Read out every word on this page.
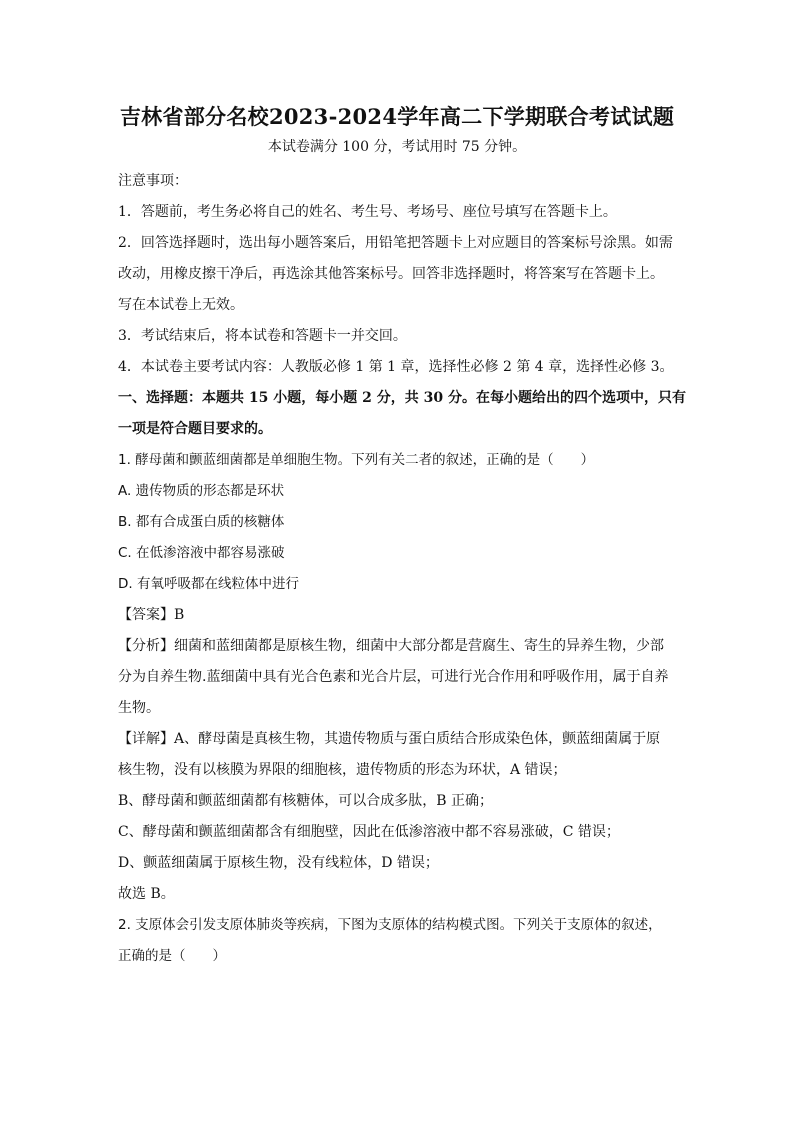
吉林省部分名校2023-2024学年高二下学期联合考试试题

本试卷满分 100 分，考试用时 75 分钟。

注意事项：

1．答题前，考生务必将自己的姓名、考生号、考场号、座位号填写在答题卡上。

2．回答选择题时，选出每小题答案后，用铅笔把答题卡上对应题目的答案标号涂黑。如需

改动，用橡皮擦干净后，再选涂其他答案标号。回答非选择题时，将答案写在答题卡上。

写在本试卷上无效。

3．考试结束后，将本试卷和答题卡一并交回。

4．本试卷主要考试内容：人教版必修 1 第 1 章，选择性必修 2 第 4 章，选择性必修 3。

一、选择题：本题共 15 小题，每小题 2 分，共 30 分。在每小题给出的四个选项中，只有

一项是符合题目要求的。

1. 酵母菌和颤蓝细菌都是单细胞生物。下列有关二者的叙述，正确的是（　　）

A. 遗传物质的形态都是环状

B. 都有合成蛋白质的核糖体

C. 在低渗溶液中都容易涨破

D. 有氧呼吸都在线粒体中进行

【答案】B

【分析】细菌和蓝细菌都是原核生物，细菌中大部分都是营腐生、寄生的异养生物，少部

分为自养生物.蓝细菌中具有光合色素和光合片层，可进行光合作用和呼吸作用，属于自养

生物。

【详解】A、酵母菌是真核生物，其遗传物质与蛋白质结合形成染色体，颤蓝细菌属于原

核生物，没有以核膜为界限的细胞核，遗传物质的形态为环状，A 错误；

B、酵母菌和颤蓝细菌都有核糖体，可以合成多肽，B 正确；

C、酵母菌和颤蓝细菌都含有细胞壁，因此在低渗溶液中都不容易涨破，C 错误；

D、颤蓝细菌属于原核生物，没有线粒体，D 错误；

故选 B。

2. 支原体会引发支原体肺炎等疾病，下图为支原体的结构模式图。下列关于支原体的叙述，

正确的是（　　）
